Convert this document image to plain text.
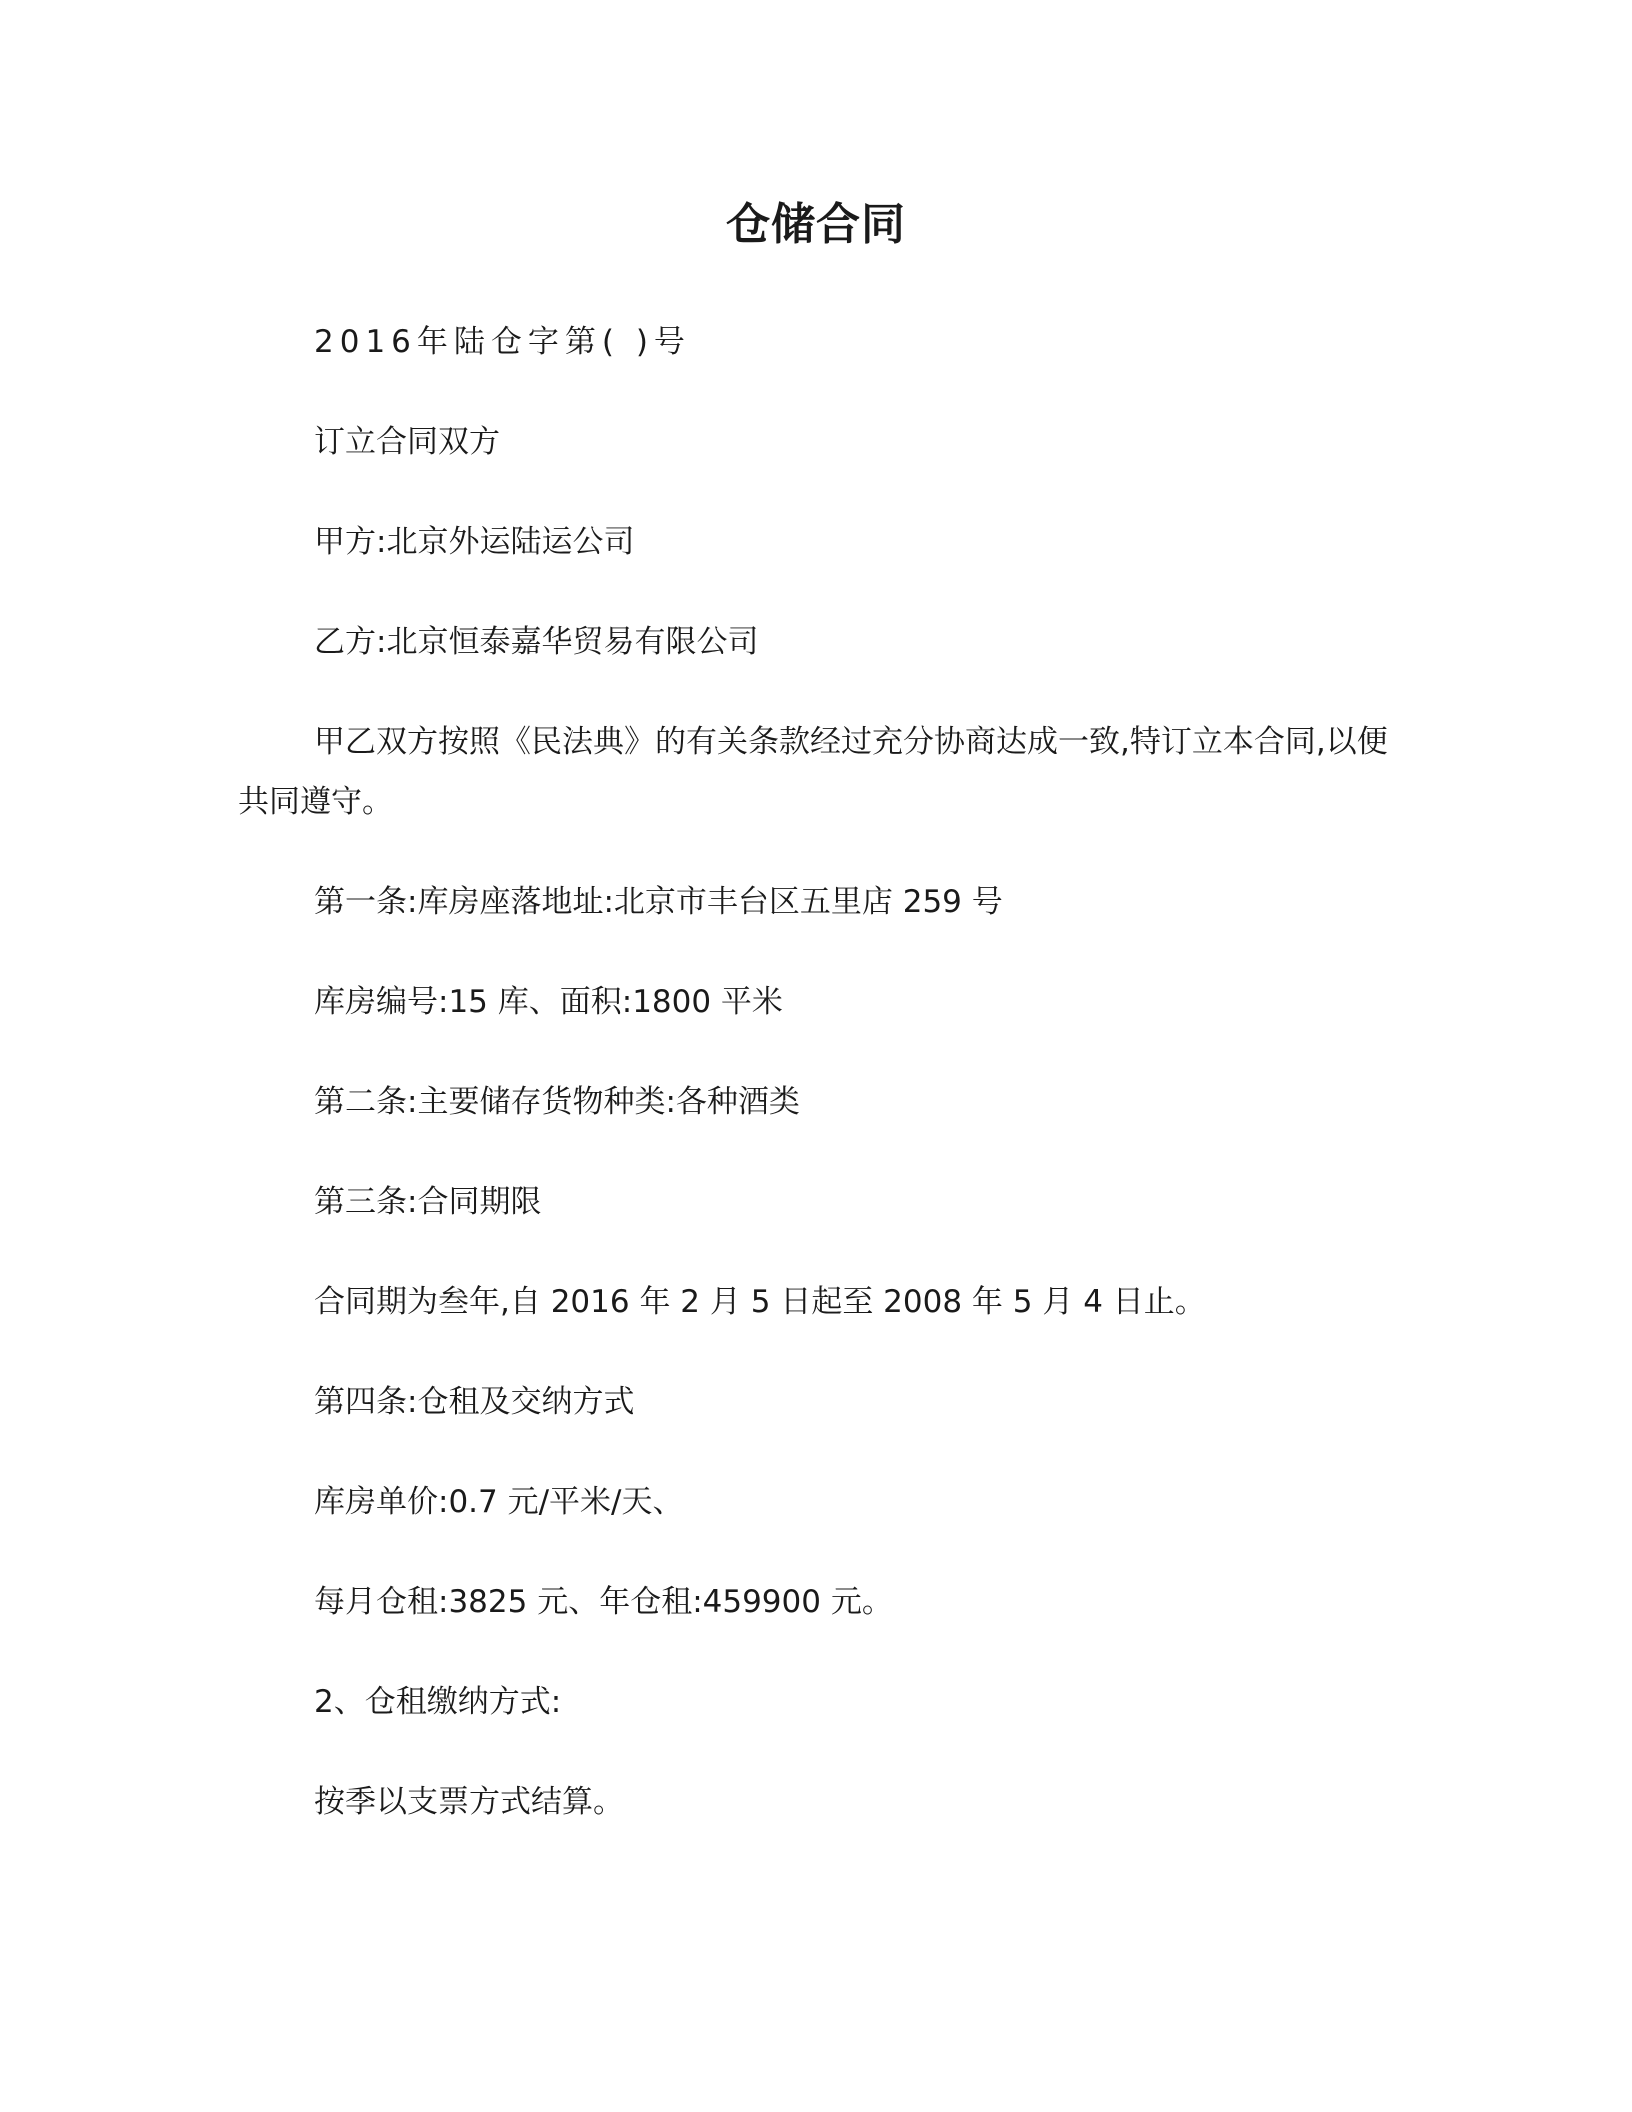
仓储合同
2016年陆仓字第( )号
订立合同双方
甲方:北京外运陆运公司
乙方:北京恒泰嘉华贸易有限公司
甲乙双方按照《民法典》的有关条款经过充分协商达成一致,特订立本合同,以便共同遵守。
第一条:库房座落地址:北京市丰台区五里店 259 号
库房编号:15 库、面积:1800 平米
第二条:主要储存货物种类:各种酒类
第三条:合同期限
合同期为叁年,自 2016 年 2 月 5 日起至 2008 年 5 月 4 日止。
第四条:仓租及交纳方式
库房单价:0.7 元/平米/天、
每月仓租:3825 元、年仓租:459900 元。
2、仓租缴纳方式:
按季以支票方式结算。
